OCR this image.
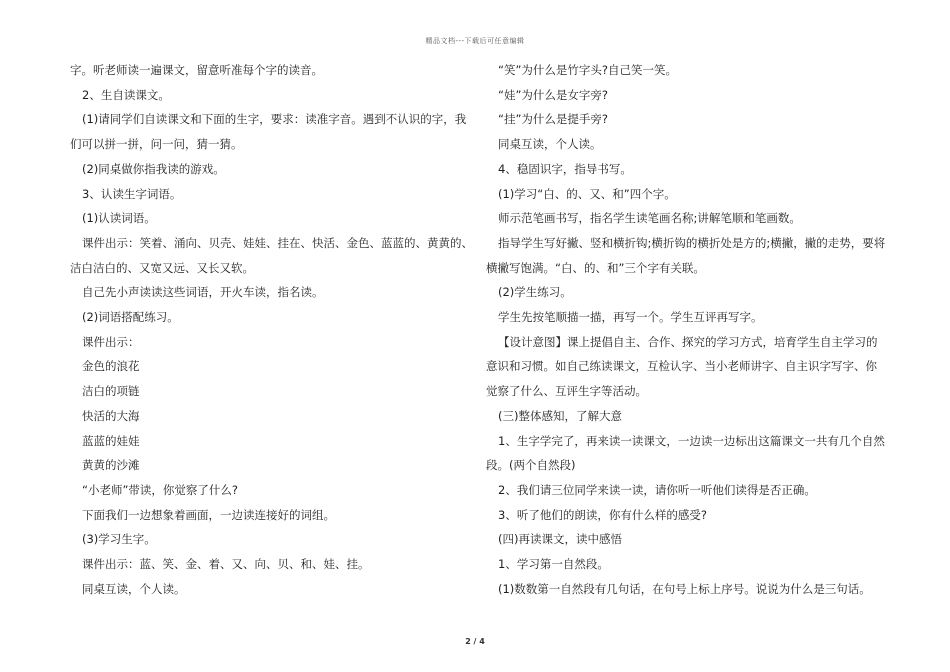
精品文档---下载后可任意编辑
字。听老师读一遍课文，留意听准每个字的读音。
2、生自读课文。
(1)请同学们自读课文和下面的生字，要求：读准字音。遇到不认识的字，我
们可以拼一拼，问一问，猜一猜。
(2)同桌做你指我读的游戏。
3、认读生字词语。
(1)认读词语。
课件出示：笑着、涌向、贝壳、娃娃、挂在、快活、金色、蓝蓝的、黄黄的、
洁白洁白的、又宽又远、又长又软。
自己先小声读读这些词语，开火车读，指名读。
(2)词语搭配练习。
课件出示：
金色的浪花
洁白的项链
快活的大海
蓝蓝的娃娃
黄黄的沙滩
“小老师”带读，你觉察了什么?
下面我们一边想象着画面，一边读连接好的词组。
(3)学习生字。
课件出示：蓝、笑、金、着、又、向、贝、和、娃、挂。
同桌互读，个人读。
“笑”为什么是竹字头?自己笑一笑。
“娃”为什么是女字旁?
“挂”为什么是提手旁?
同桌互读，个人读。
4、稳固识字，指导书写。
(1)学习“白、的、又、和”四个字。
师示范笔画书写，指名学生读笔画名称;讲解笔顺和笔画数。
指导学生写好撇、竖和横折钩;横折钩的横折处是方的;横撇，撇的走势，要将
横撇写饱满。“白、的、和”三个字有关联。
(2)学生练习。
学生先按笔顺描一描，再写一个。学生互评再写字。
【设计意图】课上提倡自主、合作、探究的学习方式，培育学生自主学习的
意识和习惯。如自己练读课文，互检认字、当小老师讲字、自主识字写字、你
觉察了什么、互评生字等活动。
(三)整体感知，了解大意
1、生字学完了，再来读一读课文，一边读一边标出这篇课文一共有几个自然
段。(两个自然段)
2、我们请三位同学来读一读，请你听一听他们读得是否正确。
3、听了他们的朗读，你有什么样的感受?
(四)再读课文，读中感悟
1、学习第一自然段。
(1)数数第一自然段有几句话，在句号上标上序号。说说为什么是三句话。
2 / 4
